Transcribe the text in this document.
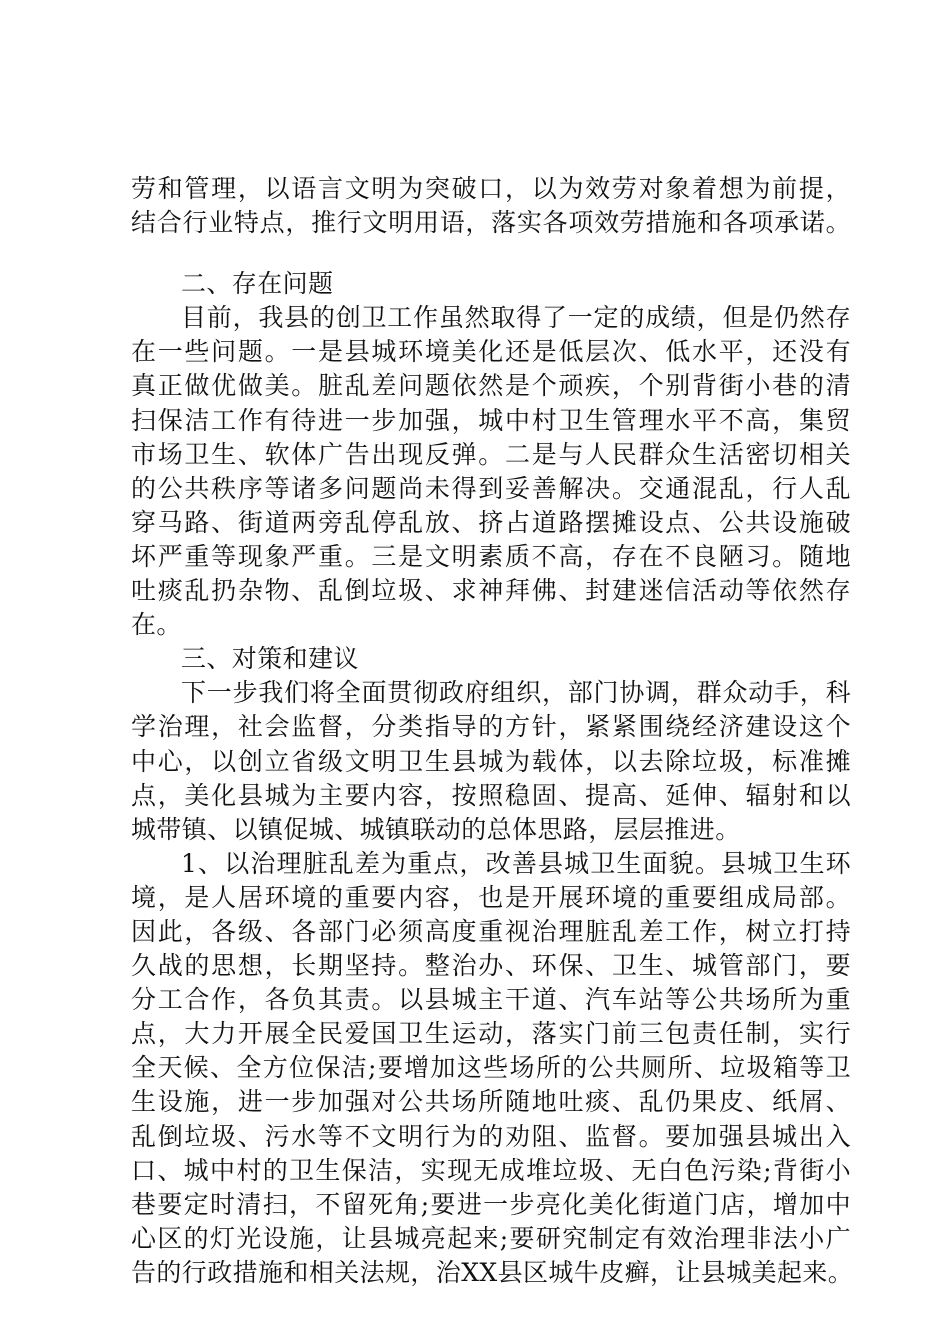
劳和管理，以语言文明为突破口，以为效劳对象着想为前提，
结合行业特点，推行文明用语，落实各项效劳措施和各项承诺。
二、存在问题
目前，我县的创卫工作虽然取得了一定的成绩，但是仍然存
在一些问题。一是县城环境美化还是低层次、低水平，还没有
真正做优做美。脏乱差问题依然是个顽疾，个别背街小巷的清
扫保洁工作有待进一步加强，城中村卫生管理水平不高，集贸
市场卫生、软体广告出现反弹。二是与人民群众生活密切相关
的公共秩序等诸多问题尚未得到妥善解决。交通混乱，行人乱
穿马路、街道两旁乱停乱放、挤占道路摆摊设点、公共设施破
坏严重等现象严重。三是文明素质不高，存在不良陋习。随地
吐痰乱扔杂物、乱倒垃圾、求神拜佛、封建迷信活动等依然存
在。
三、对策和建议
下一步我们将全面贯彻政府组织，部门协调，群众动手，科
学治理，社会监督，分类指导的方针，紧紧围绕经济建设这个
中心，以创立省级文明卫生县城为载体，以去除垃圾，标准摊
点，美化县城为主要内容，按照稳固、提高、延伸、辐射和以
城带镇、以镇促城、城镇联动的总体思路，层层推进。
1、以治理脏乱差为重点，改善县城卫生面貌。县城卫生环
境，是人居环境的重要内容，也是开展环境的重要组成局部。
因此，各级、各部门必须高度重视治理脏乱差工作，树立打持
久战的思想，长期坚持。整治办、环保、卫生、城管部门，要
分工合作，各负其责。以县城主干道、汽车站等公共场所为重
点，大力开展全民爱国卫生运动，落实门前三包责任制，实行
全天候、全方位保洁;要增加这些场所的公共厕所、垃圾箱等卫
生设施，进一步加强对公共场所随地吐痰、乱仍果皮、纸屑、
乱倒垃圾、污水等不文明行为的劝阻、监督。要加强县城出入
口、城中村的卫生保洁，实现无成堆垃圾、无白色污染;背街小
巷要定时清扫，不留死角;要进一步亮化美化街道门店，增加中
心区的灯光设施，让县城亮起来;要研究制定有效治理非法小广
告的行政措施和相关法规，治XX县区城牛皮癣，让县城美起来。
